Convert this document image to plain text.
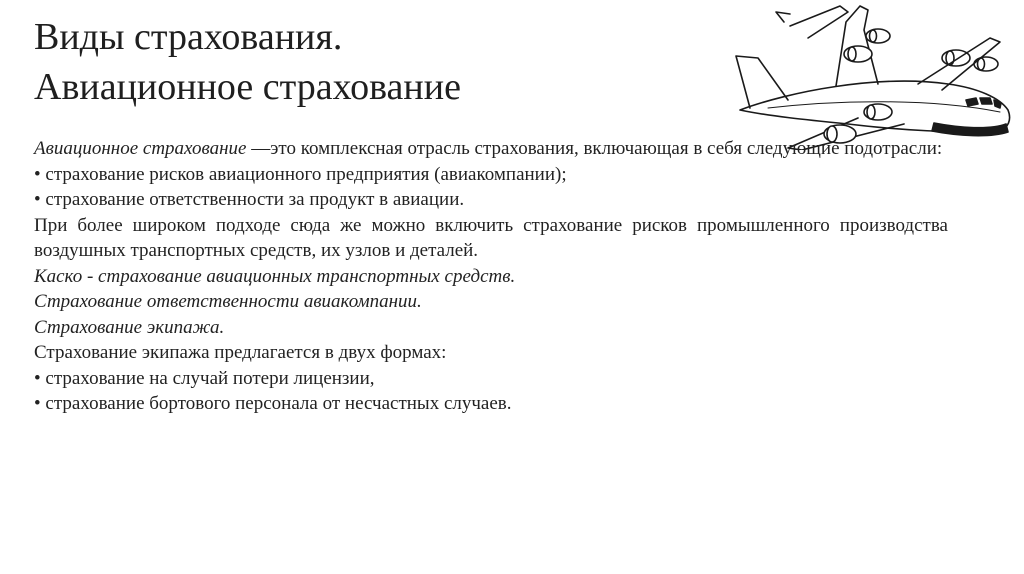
Виды страхования.
Авиационное страхование

Авиационное страхование —это комплексная отрасль страхования, включающая в себя следующие подотрасли:

• страхование рисков авиационного предприятия (авиакомпании);

• страхование ответственности за продукт в авиации.

При более широком подходе сюда же можно включить страхование рисков промышленного производства воздушных транспортных средств, их узлов и деталей.

Каско - страхование авиационных транспортных средств.

Страхование ответственности авиакомпании.

Страхование экипажа.

Страхование экипажа предлагается в двух формах:

• страхование на случай потери лицензии,

• страхование бортового персонала от несчастных случаев.
